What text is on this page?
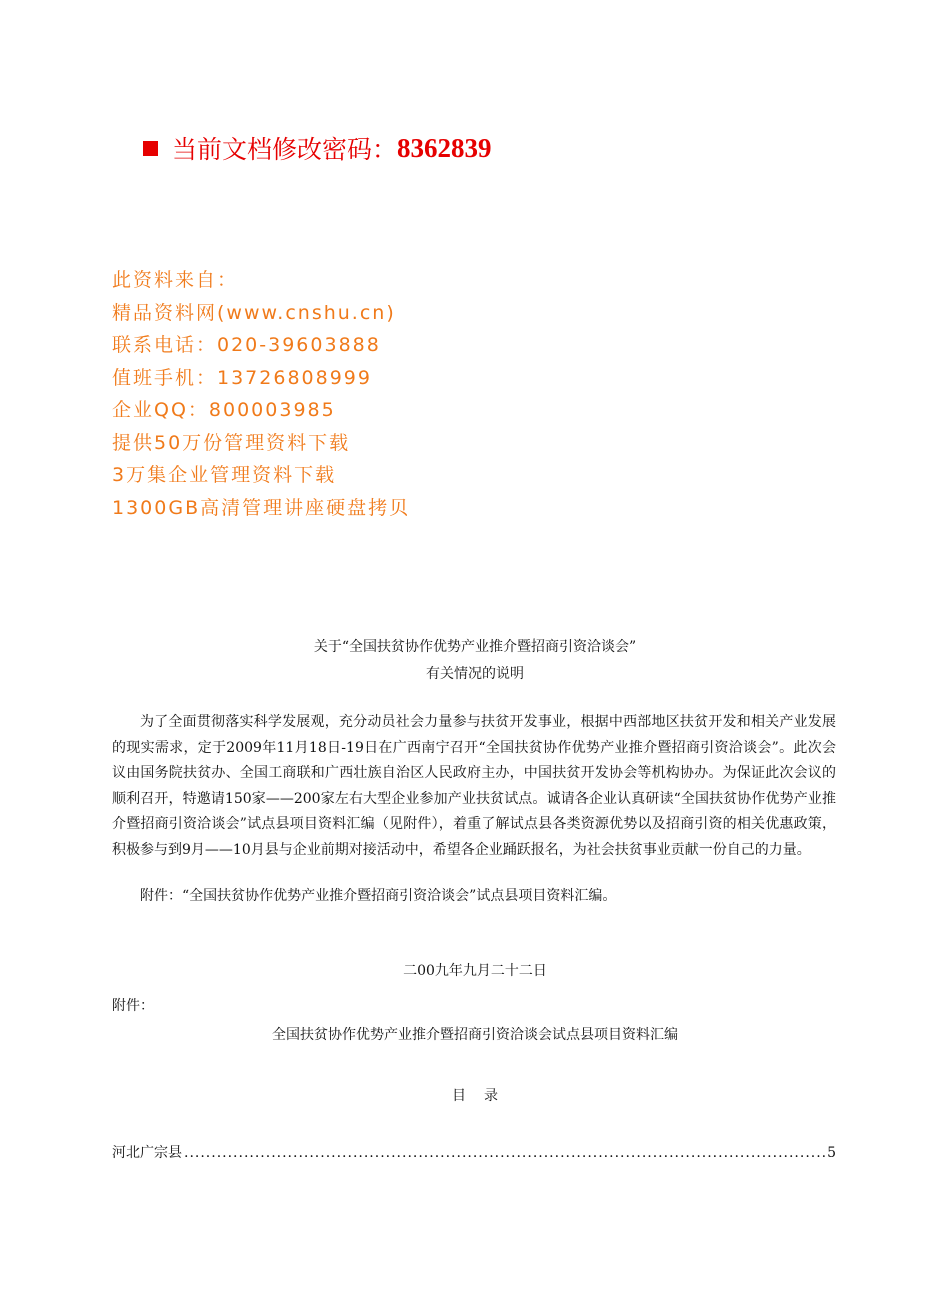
当前文档修改密码： 8362839
此资料来自：
精品资料网(www.cnshu.cn)
联系电话：020-39603888
值班手机：13726808999
企业QQ：800003985
提供50万份管理资料下载
3万集企业管理资料下载
1300GB高清管理讲座硬盘拷贝
关于“全国扶贫协作优势产业推介暨招商引资洽谈会”
有关情况的说明

为了全面贯彻落实科学发展观，充分动员社会力量参与扶贫开发事业，根据中西部地区扶贫开发和相关产业发展的现实需求，定于2009年11月18日-19日在广西南宁召开“全国扶贫协作优势产业推介暨招商引资洽谈会”。此次会议由国务院扶贫办、全国工商联和广西壮族自治区人民政府主办，中国扶贫开发协会等机构协办。为保证此次会议的顺利召开，特邀请150家——200家左右大型企业参加产业扶贫试点。诚请各企业认真研读“全国扶贫协作优势产业推介暨招商引资洽谈会”试点县项目资料汇编（见附件），着重了解试点县各类资源优势以及招商引资的相关优惠政策，积极参与到9月——10月县与企业前期对接活动中，希望各企业踊跃报名，为社会扶贫事业贡献一份自己的力量。

附件：“全国扶贫协作优势产业推介暨招商引资洽谈会”试点县项目资料汇编。
二00九年九月二十二日
附件：
全国扶贫协作优势产业推介暨招商引资洽谈会试点县项目资料汇编
目录
河北广宗县
.....	5
